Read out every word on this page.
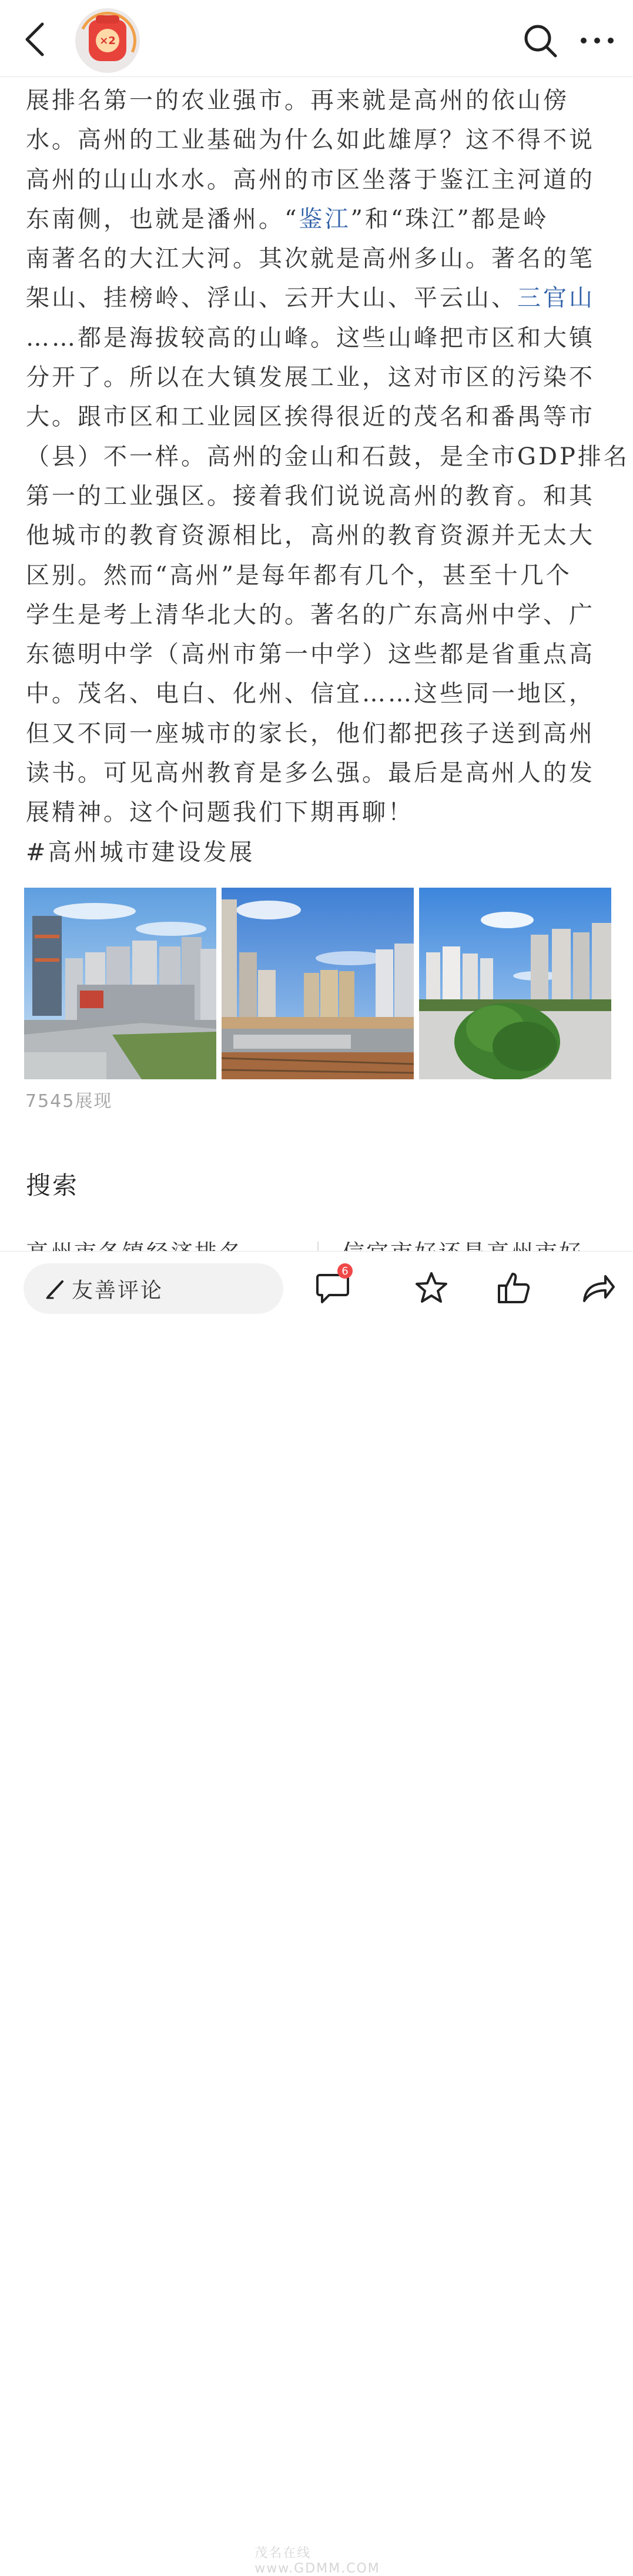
×2
展排名第一的农业强市。再来就是高州的依山傍
水。高州的工业基础为什么如此雄厚？这不得不说
高州的山山水水。高州的市区坐落于鉴江主河道的
东南侧，也就是潘州。“鉴江”和“珠江”都是岭
南著名的大江大河。其次就是高州多山。著名的笔
架山、挂榜岭、浮山、云开大山、平云山、三官山
……都是海拔较高的山峰。这些山峰把市区和大镇
分开了。所以在大镇发展工业，这对市区的污染不
大。跟市区和工业园区挨得很近的茂名和番禺等市
（县）不一样。高州的金山和石鼓，是全市GDP排名
第一的工业强区。接着我们说说高州的教育。和其
他城市的教育资源相比，高州的教育资源并无太大
区别。然而“高州”是每年都有几个，甚至十几个
学生是考上清华北大的。著名的广东高州中学、广
东德明中学（高州市第一中学）这些都是省重点高
中。茂名、电白、化州、信宜……这些同一地区，
但又不同一座城市的家长，他们都把孩子送到高州
读书。可见高州教育是多么强。最后是高州人的发
展精神。这个问题我们下期再聊！
#高州城市建设发展
7545展现
搜索
友善评论
6
茂名在线 www.GDMM.COM
